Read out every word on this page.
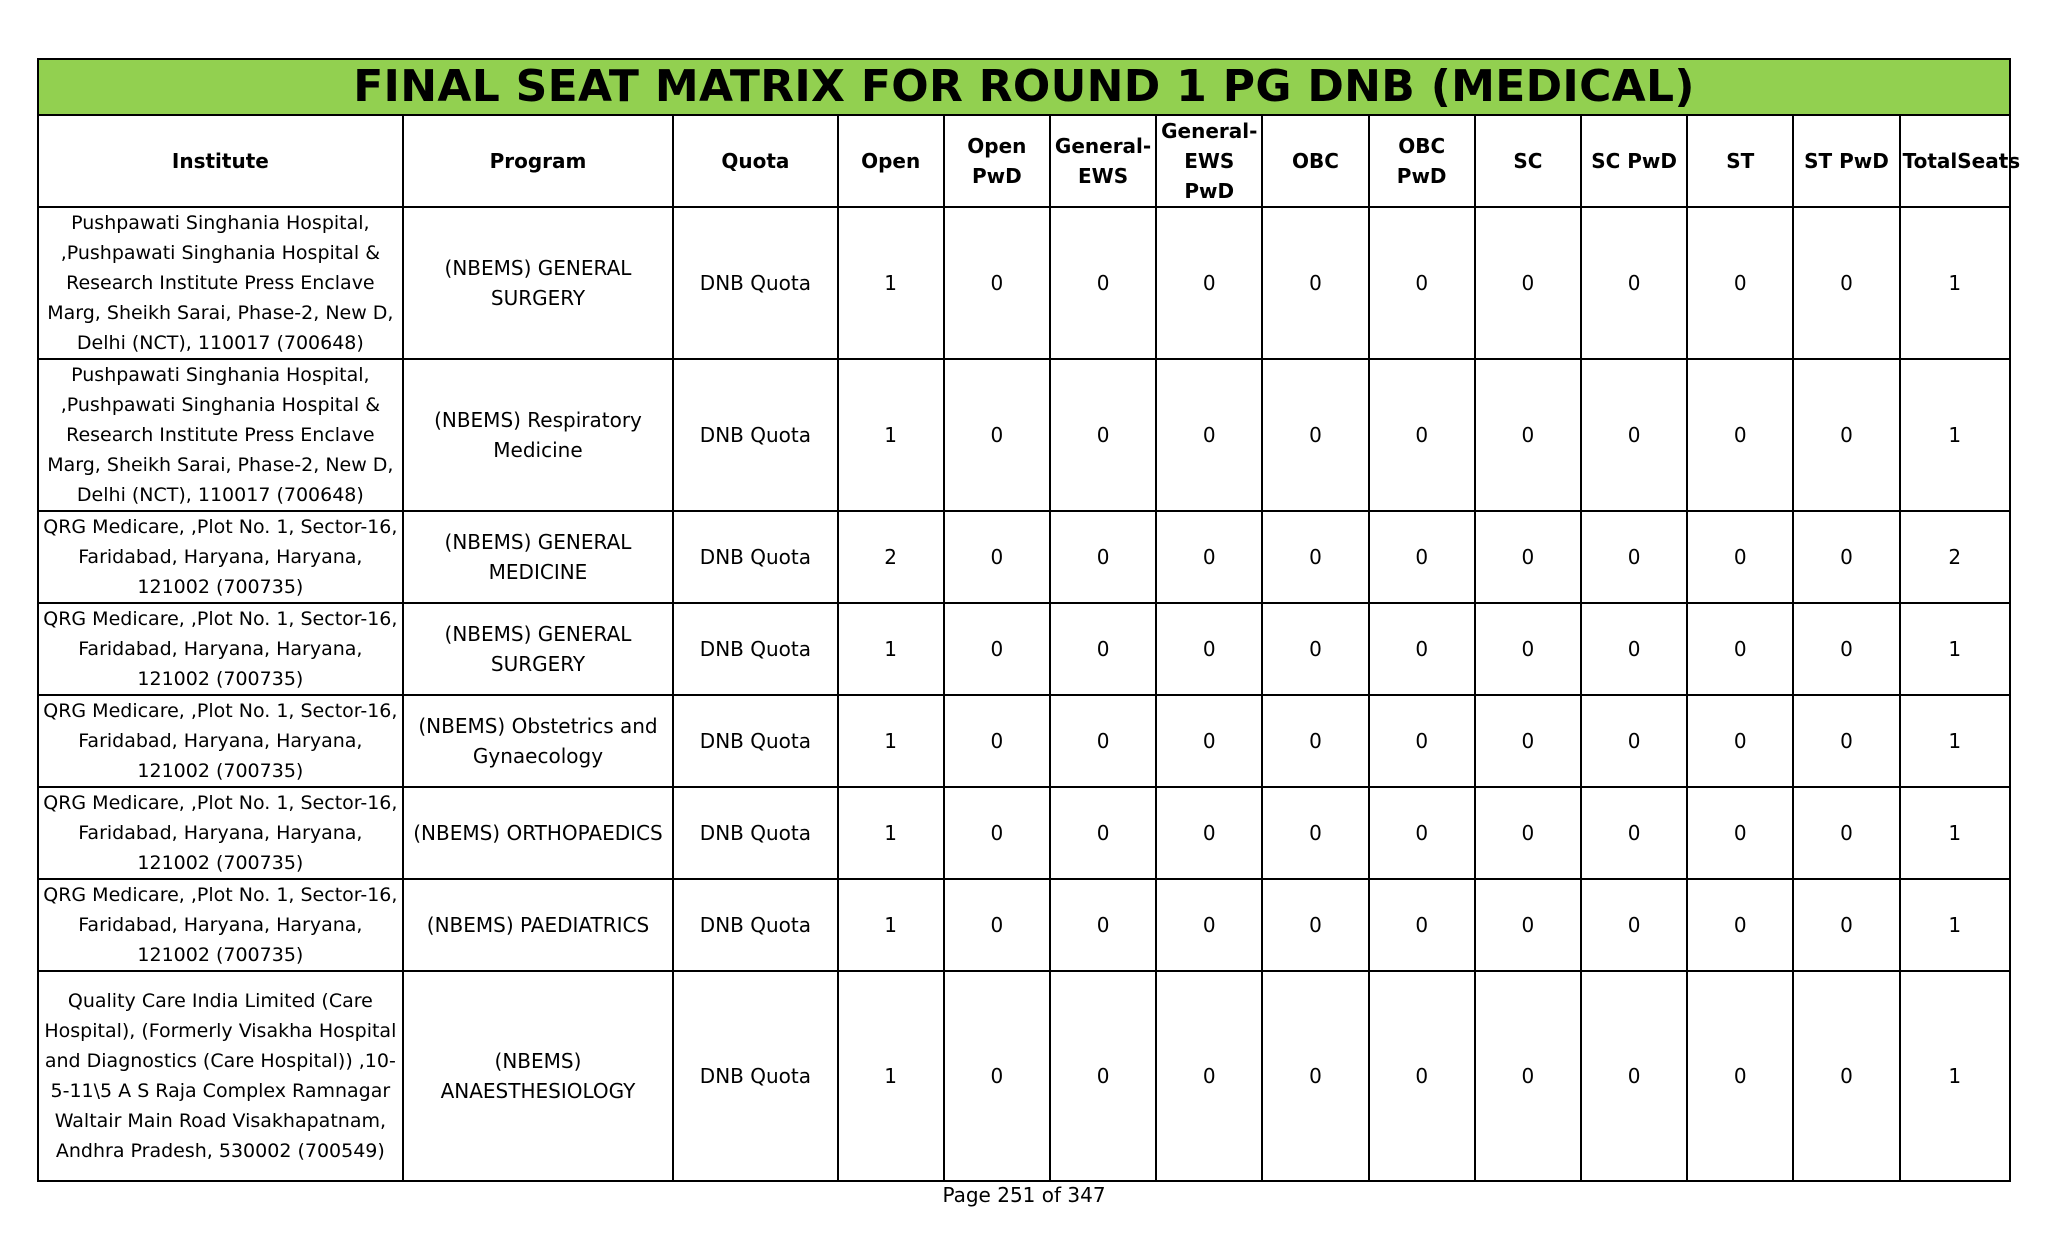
FINAL SEAT MATRIX FOR ROUND 1 PG DNB (MEDICAL)													
Institute	Program	Quota	Open	Open PwD	General-EWS	General-EWS PwD	OBC	OBC PwD	SC	SC PwD	ST	ST PwD	TotalSeats
Pushpawati Singhania Hospital, ,Pushpawati Singhania Hospital & Research Institute Press Enclave Marg, Sheikh Sarai, Phase-2, New D, Delhi (NCT), 110017 (700648)	(NBEMS) GENERAL SURGERY	DNB Quota	1	0	0	0	0	0	0	0	0	0	1
Pushpawati Singhania Hospital, ,Pushpawati Singhania Hospital & Research Institute Press Enclave Marg, Sheikh Sarai, Phase-2, New D, Delhi (NCT), 110017 (700648)	(NBEMS) Respiratory Medicine	DNB Quota	1	0	0	0	0	0	0	0	0	0	1
QRG Medicare, ,Plot No. 1, Sector-16, Faridabad, Haryana, Haryana, 121002 (700735)	(NBEMS) GENERAL MEDICINE	DNB Quota	2	0	0	0	0	0	0	0	0	0	2
QRG Medicare, ,Plot No. 1, Sector-16, Faridabad, Haryana, Haryana, 121002 (700735)	(NBEMS) GENERAL SURGERY	DNB Quota	1	0	0	0	0	0	0	0	0	0	1
QRG Medicare, ,Plot No. 1, Sector-16, Faridabad, Haryana, Haryana, 121002 (700735)	(NBEMS) Obstetrics and Gynaecology	DNB Quota	1	0	0	0	0	0	0	0	0	0	1
QRG Medicare, ,Plot No. 1, Sector-16, Faridabad, Haryana, Haryana, 121002 (700735)	(NBEMS) ORTHOPAEDICS	DNB Quota	1	0	0	0	0	0	0	0	0	0	1
QRG Medicare, ,Plot No. 1, Sector-16, Faridabad, Haryana, Haryana, 121002 (700735)	(NBEMS) PAEDIATRICS	DNB Quota	1	0	0	0	0	0	0	0	0	0	1
Quality Care India Limited (Care Hospital), (Formerly Visakha Hospital and Diagnostics (Care Hospital)) ,10-5-11\5 A S Raja Complex Ramnagar Waltair Main Road Visakhapatnam, Andhra Pradesh, 530002 (700549)	(NBEMS) ANAESTHESIOLOGY	DNB Quota	1	0	0	0	0	0	0	0	0	0	1
Page 251 of 347
